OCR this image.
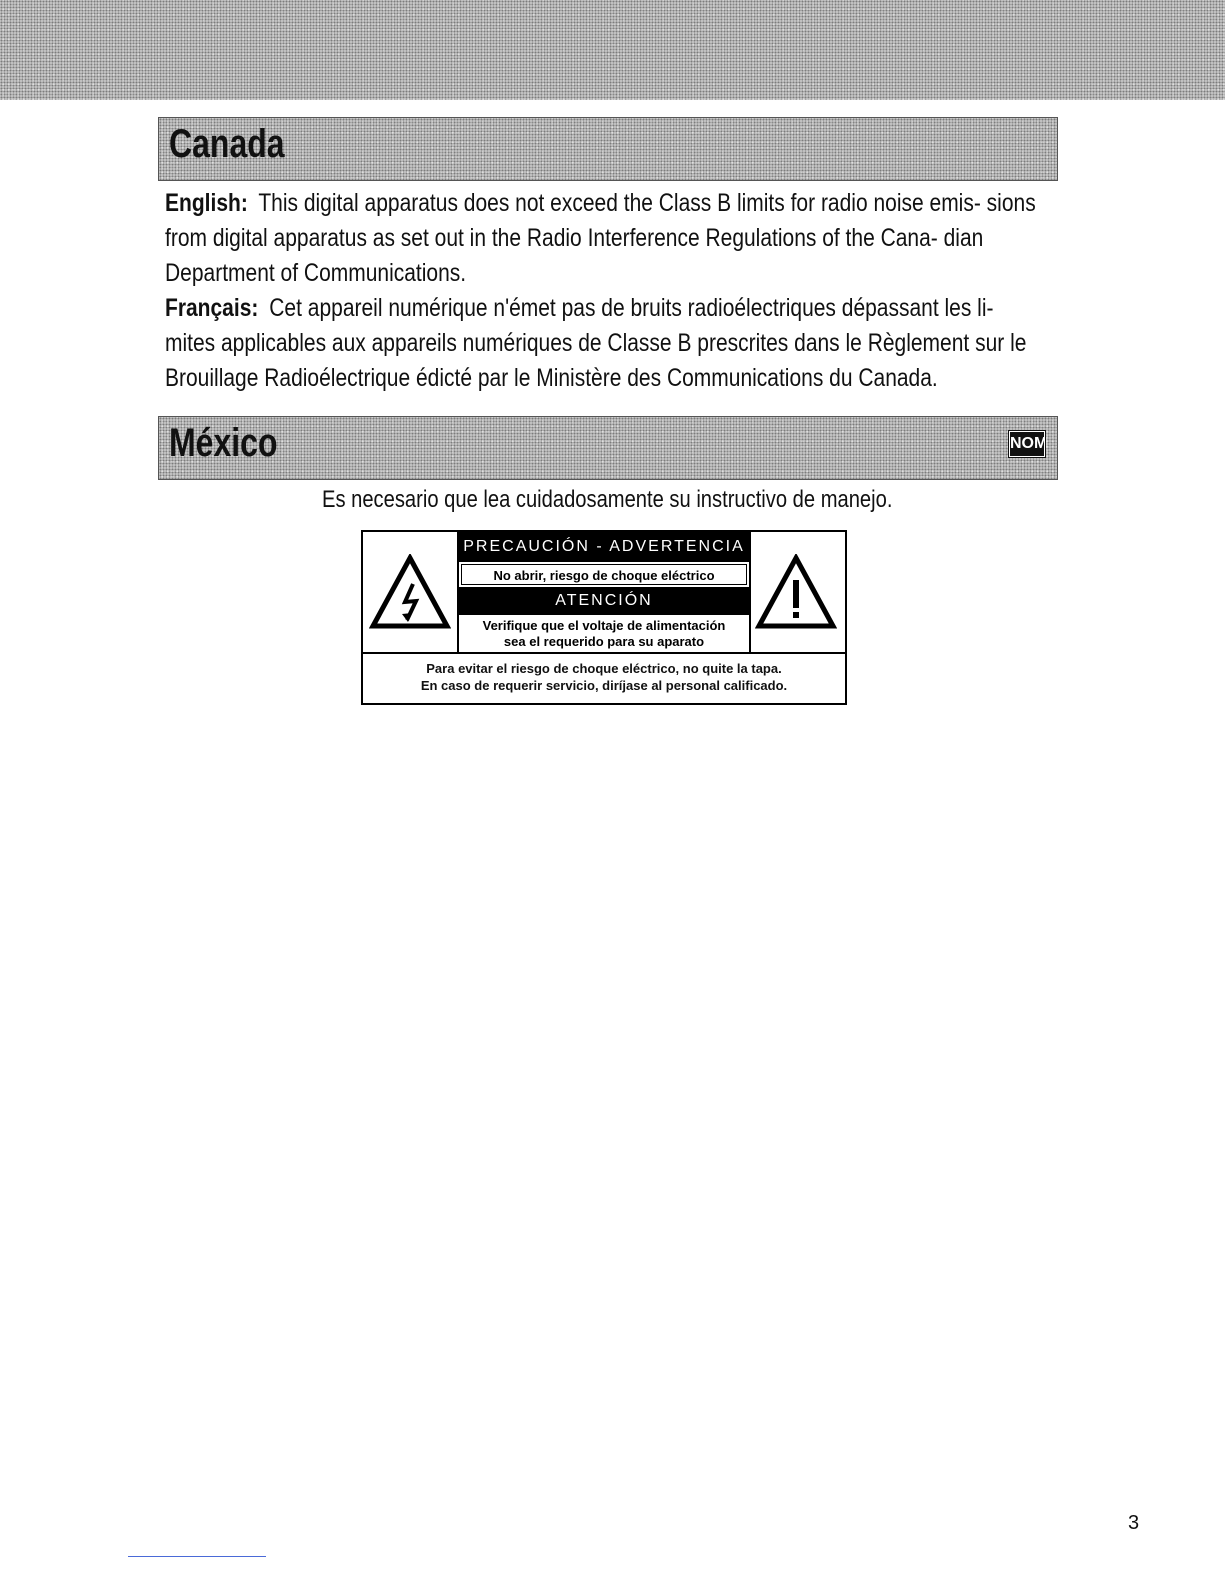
Canada
English: This digital apparatus does not exceed the Class B limits for radio noise emis- sions from digital apparatus as set out in the Radio Interference Regulations of the Cana- dian Department of Communications.
Français: Cet appareil numérique n'émet pas de bruits radioélectriques dépassant les li- mites applicables aux appareils numériques de Classe B prescrites dans le Règlement sur le Brouillage Radioélectrique édicté par le Ministère des Communications du Canada.
México	NOM
Es necesario que lea cuidadosamente su instructivo de manejo.
PRECAUCIÓN - ADVERTENCIA
No abrir, riesgo de choque eléctrico
ATENCIÓN
Verifique que el voltaje de alimentación
sea el requerido para su aparato
Para evitar el riesgo de choque eléctrico, no quite la tapa.
En caso de requerir servicio, diríjase al personal calificado.
3
